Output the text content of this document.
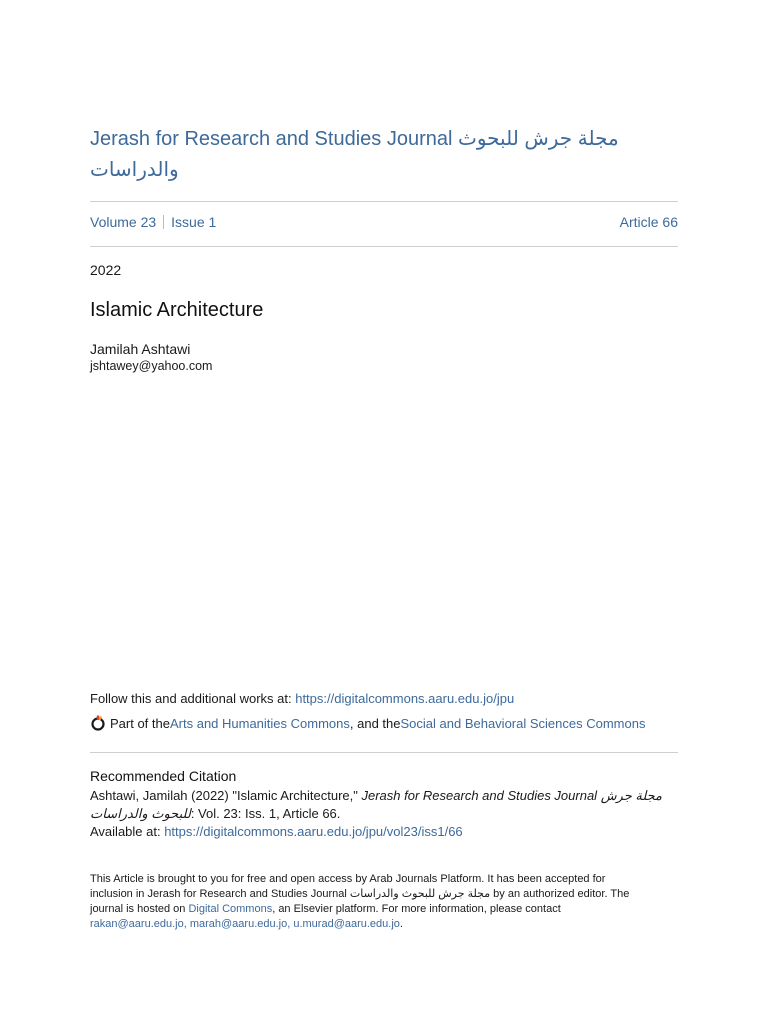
Jerash for Research and Studies Journal مجلة جرش للبحوث والدراسات
Volume 23 Issue 1	Article 66
2022
Islamic Architecture
Jamilah Ashtawi
jshtawey@yahoo.com
Follow this and additional works at: https://digitalcommons.aaru.edu.jo/jpu
Part of the Arts and Humanities Commons , and the Social and Behavioral Sciences Commons
Recommended Citation
Ashtawi, Jamilah (2022) "Islamic Architecture," Jerash for Research and Studies Journal مجلة جرش للبحوث والدراسات: Vol. 23: Iss. 1, Article 66.
Available at: https://digitalcommons.aaru.edu.jo/jpu/vol23/iss1/66
This Article is brought to you for free and open access by Arab Journals Platform. It has been accepted for inclusion in Jerash for Research and Studies Journal مجلة جرش للبحوث والدراسات by an authorized editor. The journal is hosted on Digital Commons, an Elsevier platform. For more information, please contact
rakan@aaru.edu.jo, marah@aaru.edu.jo, u.murad@aaru.edu.jo.
